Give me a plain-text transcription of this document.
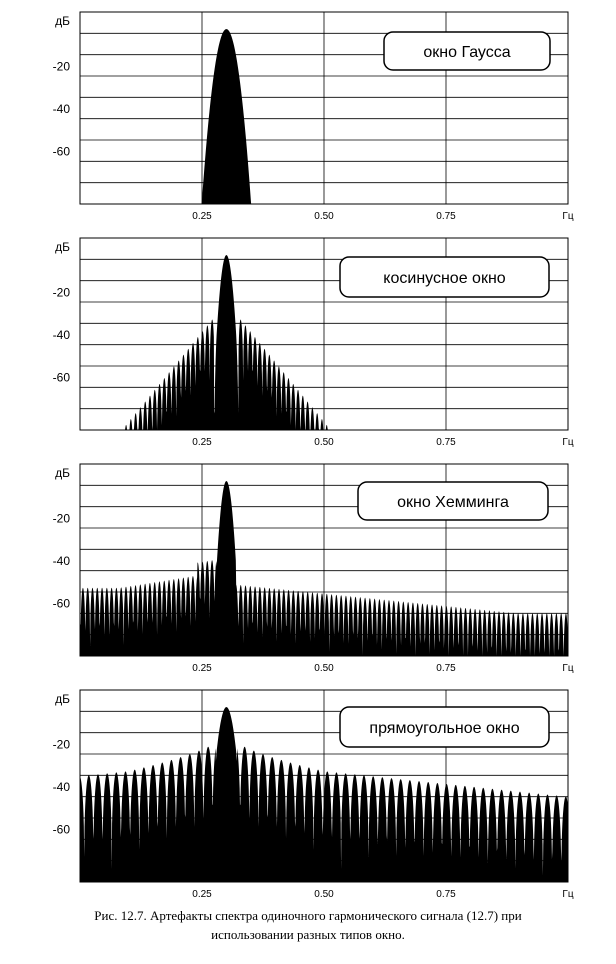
дБ
-20
-40
-60
0.25	0.50	0.75	Гц
окно Гаусса
дБ
-20
-40
-60
0.25	0.50	0.75	Гц
косинусное окно
дБ
-20
-40
-60
0.25	0.50	0.75	Гц
окно Хемминга
дБ
-20
-40
-60
0.25	0.50	0.75	Гц
прямоугольное окно
Рис. 12.7. Артефакты спектра одиночного гармонического сигнала (12.7) при
использовании разных типов окно.
